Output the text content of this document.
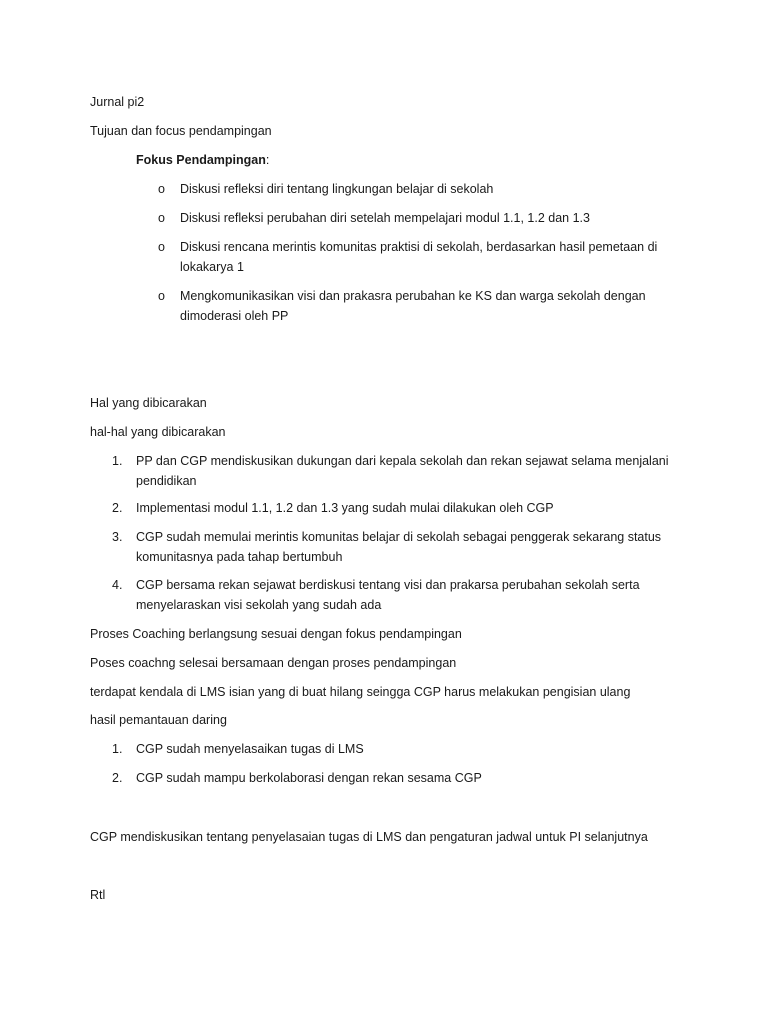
Jurnal pi2
Tujuan dan focus pendampingan
Fokus Pendampingan:
o	Diskusi refleksi diri tentang lingkungan belajar di sekolah
o	Diskusi refleksi perubahan diri setelah mempelajari modul 1.1, 1.2 dan 1.3
o	Diskusi rencana merintis komunitas praktisi di sekolah, berdasarkan hasil pemetaan di lokakarya 1
o	Mengkomunikasikan visi dan prakasra perubahan ke KS dan warga sekolah dengan dimoderasi oleh PP
Hal yang dibicarakan
hal-hal yang dibicarakan
1.	PP dan CGP mendiskusikan dukungan dari kepala sekolah dan rekan sejawat selama menjalani pendidikan
2.	Implementasi modul 1.1, 1.2 dan 1.3 yang sudah mulai dilakukan oleh CGP
3.	CGP sudah memulai merintis komunitas belajar di sekolah sebagai penggerak sekarang status komunitasnya pada tahap bertumbuh
4.	CGP bersama rekan sejawat berdiskusi tentang visi dan prakarsa perubahan sekolah serta menyelaraskan visi sekolah yang sudah ada
Proses Coaching berlangsung sesuai dengan fokus pendampingan
Poses coachng selesai bersamaan dengan proses pendampingan
terdapat kendala di LMS isian yang di buat hilang seingga CGP harus melakukan pengisian ulang
hasil pemantauan daring
1.	CGP sudah menyelasaikan tugas di LMS
2.	CGP sudah mampu berkolaborasi dengan rekan sesama CGP
CGP mendiskusikan tentang penyelasaian tugas di LMS dan pengaturan jadwal untuk PI selanjutnya
Rtl
